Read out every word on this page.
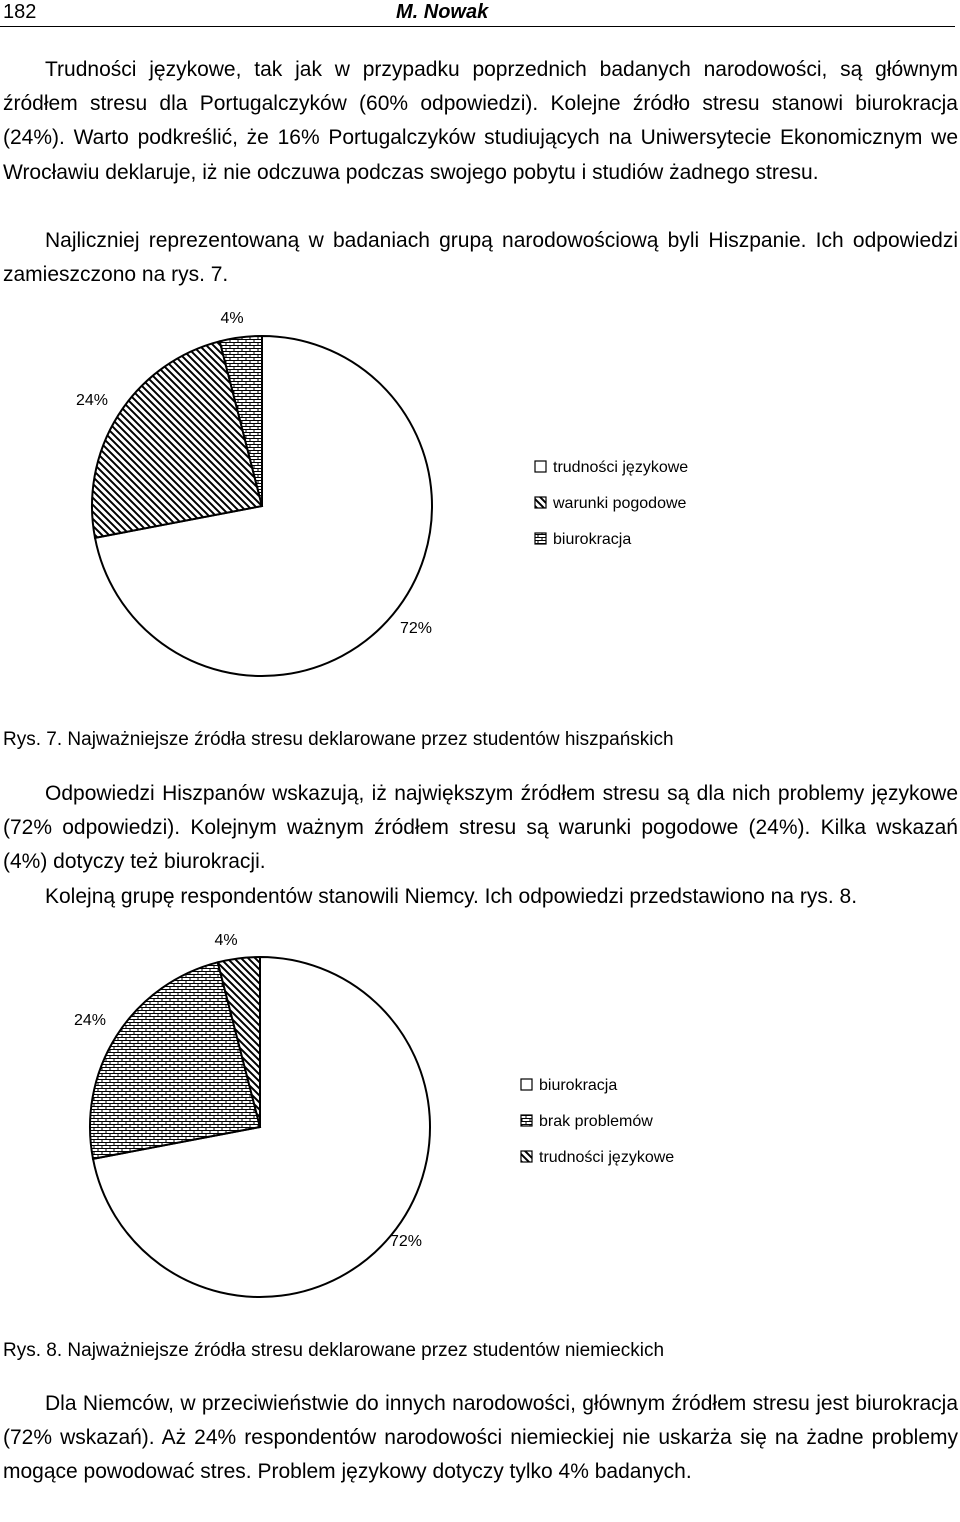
182	M. Nowak

Trudności językowe, tak jak w przypadku poprzednich badanych narodowości, są głównym źródłem stresu dla Portugalczyków (60% odpowiedzi). Kolejne źródło stresu stanowi biurokracja (24%). Warto podkreślić, że 16% Portugalczyków studiujących na Uniwersytecie Ekonomicznym we Wrocławiu deklaruje, iż nie odczuwa podczas swojego pobytu i studiów żadnego stresu.

Najliczniej reprezentowaną w badaniach grupą narodowościową byli Hiszpanie. Ich odpowiedzi zamieszczono na rys. 7.

72%
24%
4%
trudności językowe
warunki pogodowe
biurokracja

Rys. 7. Najważniejsze źródła stresu deklarowane przez studentów hiszpańskich

Odpowiedzi Hiszpanów wskazują, iż największym źródłem stresu są dla nich problemy językowe (72% odpowiedzi). Kolejnym ważnym źródłem stresu są warunki pogodowe (24%). Kilka wskazań (4%) dotyczy też biurokracji.

Kolejną grupę respondentów stanowili Niemcy. Ich odpowiedzi przedstawiono na rys. 8.

72%
24%
4%
biurokracja
brak problemów
trudności językowe

Rys. 8. Najważniejsze źródła stresu deklarowane przez studentów niemieckich

Dla Niemców, w przeciwieństwie do innych narodowości, głównym źródłem stresu jest biurokracja (72% wskazań). Aż 24% respondentów narodowości niemieckiej nie uskarża się na żadne problemy mogące powodować stres. Problem językowy dotyczy tylko 4% badanych.
